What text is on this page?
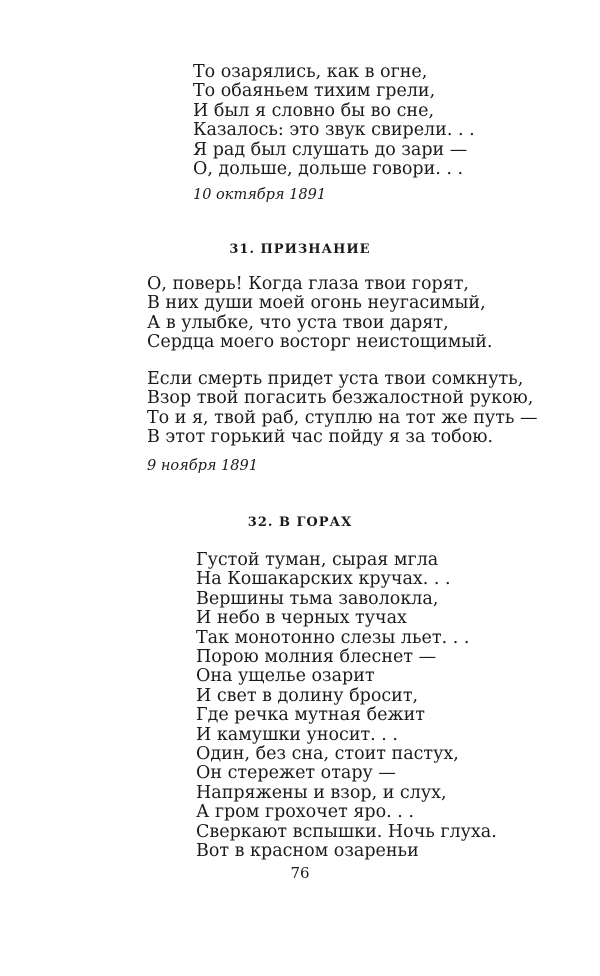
То озарялись, как в огне,
То обаяньем тихим грели,
И был я словно бы во сне,
Казалось: это звук свирели. . .
Я рад был слушать до зари —
О, дольше, дольше говори. . .
10 октября 1891
31. ПРИЗНАНИЕ
О, поверь! Когда глаза твои горят,
В них души моей огонь неугасимый,
А в улыбке, что уста твои дарят,
Сердца моего восторг неистощимый.
Если смерть придет уста твои сомкнуть,
Взор твой погасить безжалостной рукою,
То и я, твой раб, ступлю на тот же путь —
В этот горький час пойду я за тобою.
9 ноября 1891
32. В ГОРАХ
Густой туман, сырая мгла
На Кошакарских кручах. . .
Вершины тьма заволокла,
И небо в черных тучах
Так монотонно слезы льет. . .
Порою молния блеснет —
Она ущелье озарит
И свет в долину бросит,
Где речка мутная бежит
И камушки уносит. . .
Один, без сна, стоит пастух,
Он стережет отару —
Напряжены и взор, и слух,
А гром грохочет яро. . .
Сверкают вспышки. Ночь глуха.
Вот в красном озареньи
76
